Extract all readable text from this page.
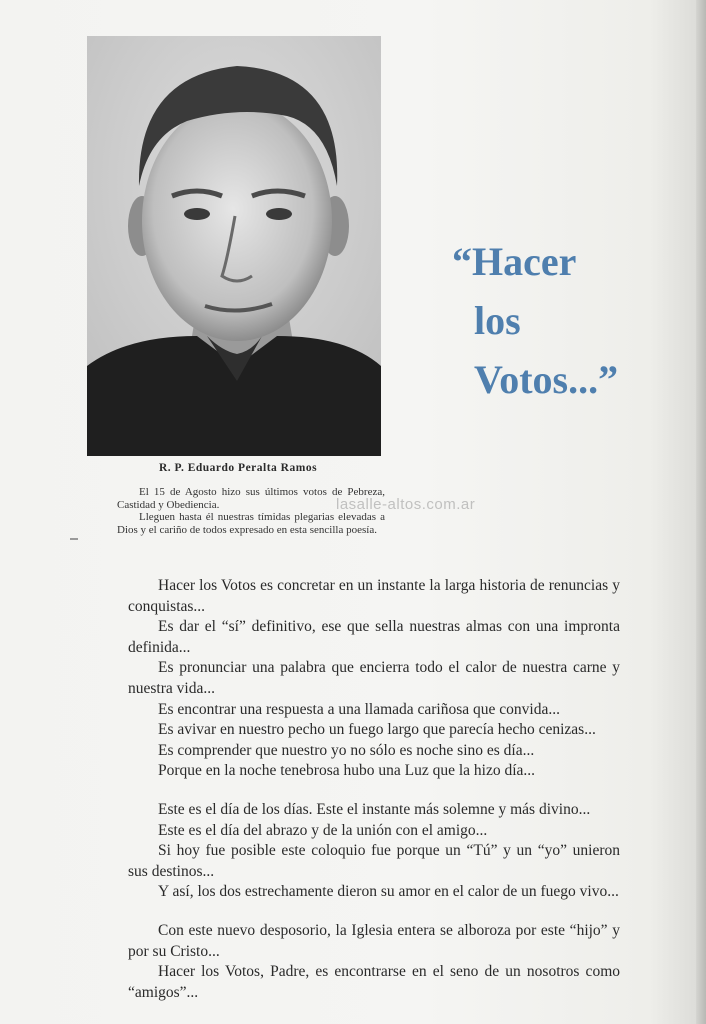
R. P. Eduardo Peralta Ramos

El 15 de Agosto hizo sus últimos votos de Pebreza, Castidad y Obediencia.

Lleguen hasta él nuestras tímidas plegarias elevadas a Dios y el cariño de todos expresado en esta sencilla poesía.

“Hacer
los
Votos...”
lasalle-altos.com.ar

Hacer los Votos es concretar en un instante la larga historia de renuncias y conquistas...

Es dar el “sí” definitivo, ese que sella nuestras almas con una impronta definida...

Es pronunciar una palabra que encierra todo el calor de nuestra carne y nuestra vida...

Es encontrar una respuesta a una llamada cariñosa que convida...

Es avivar en nuestro pecho un fuego largo que parecía hecho cenizas...

Es comprender que nuestro yo no sólo es noche sino es día...

Porque en la noche tenebrosa hubo una Luz que la hizo día...

Este es el día de los días. Este el instante más solemne y más divino...

Este es el día del abrazo y de la unión con el amigo...

Si hoy fue posible este coloquio fue porque un “Tú” y un “yo” unieron sus destinos...

Y así, los dos estrechamente dieron su amor en el calor de un fuego vivo...

Con este nuevo desposorio, la Iglesia entera se alboroza por este “hijo” y por su Cristo...

Hacer los Votos, Padre, es encontrarse en el seno de un nosotros como “amigos”...
